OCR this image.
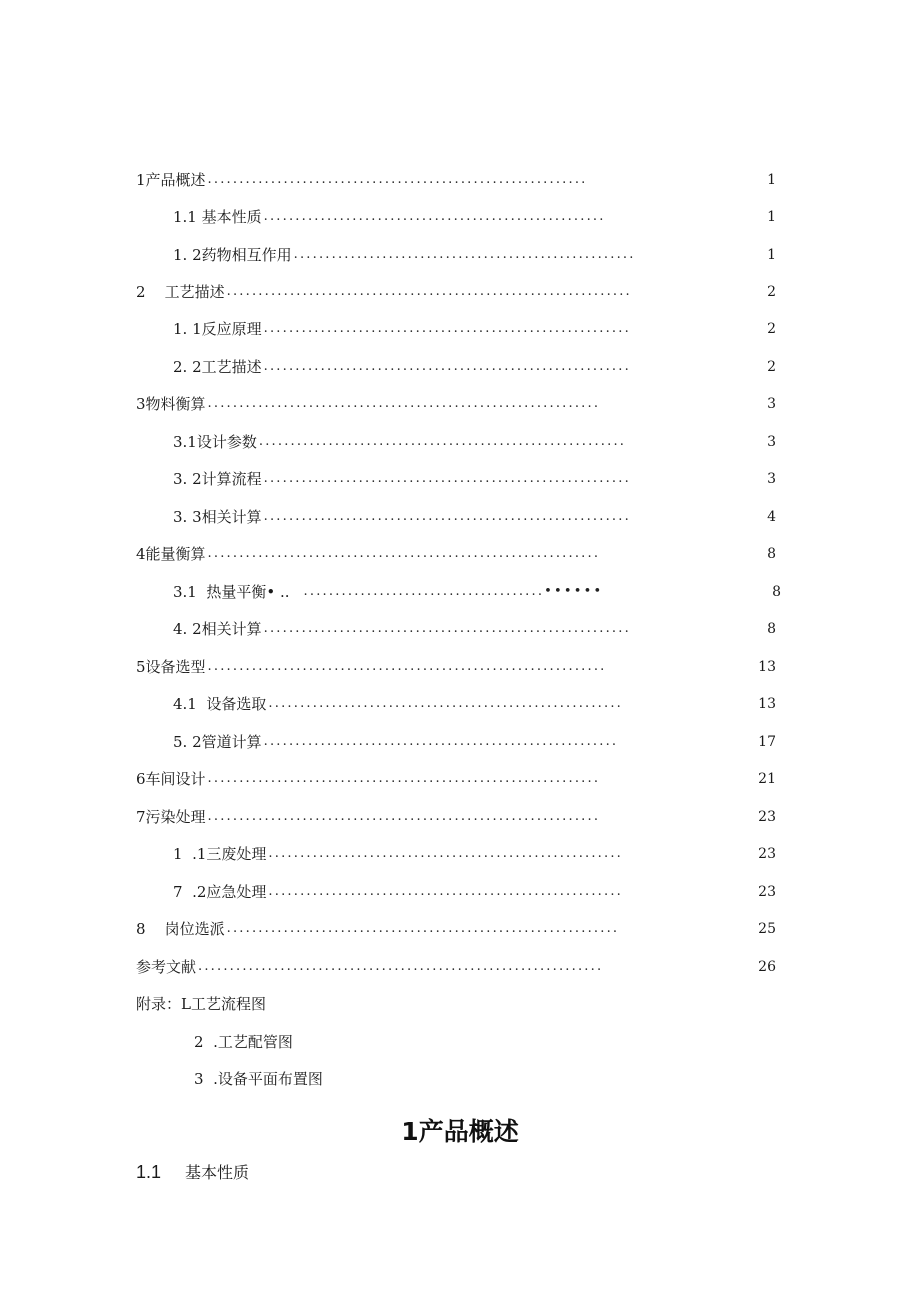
1产品概述 ............................................................	1
1.1 基本性质 ......................................................	1
1. 2药物相互作用 ......................................................	1
2    工艺描述 ................................................................	2
1. 1反应原理 ..........................................................	2
2. 2工艺描述 ..........................................................	2
3物料衡算 ..............................................................	3
3.1设计参数 ..........................................................	3
3. 2计算流程 ..........................................................	3
3. 3相关计算 ..........................................................	4
4能量衡算 ..............................................................	8
3.1  热量平衡• .. ......................................••••••	8
4. 2相关计算 ..........................................................	8
5设备选型 ...............................................................	13
4.1  设备选取 ........................................................	13
5. 2管道计算 ........................................................	17
6车间设计 ..............................................................	21
7污染处理 ..............................................................	23
1  .1三废处理 ........................................................	23
7  .2应急处理 ........................................................	23
8    岗位选派 ..............................................................	25
参考文献 ................................................................	26
附录：L工艺流程图
2  .工艺配管图
3  .设备平面布置图
1产品概述
1.1 基本性质
